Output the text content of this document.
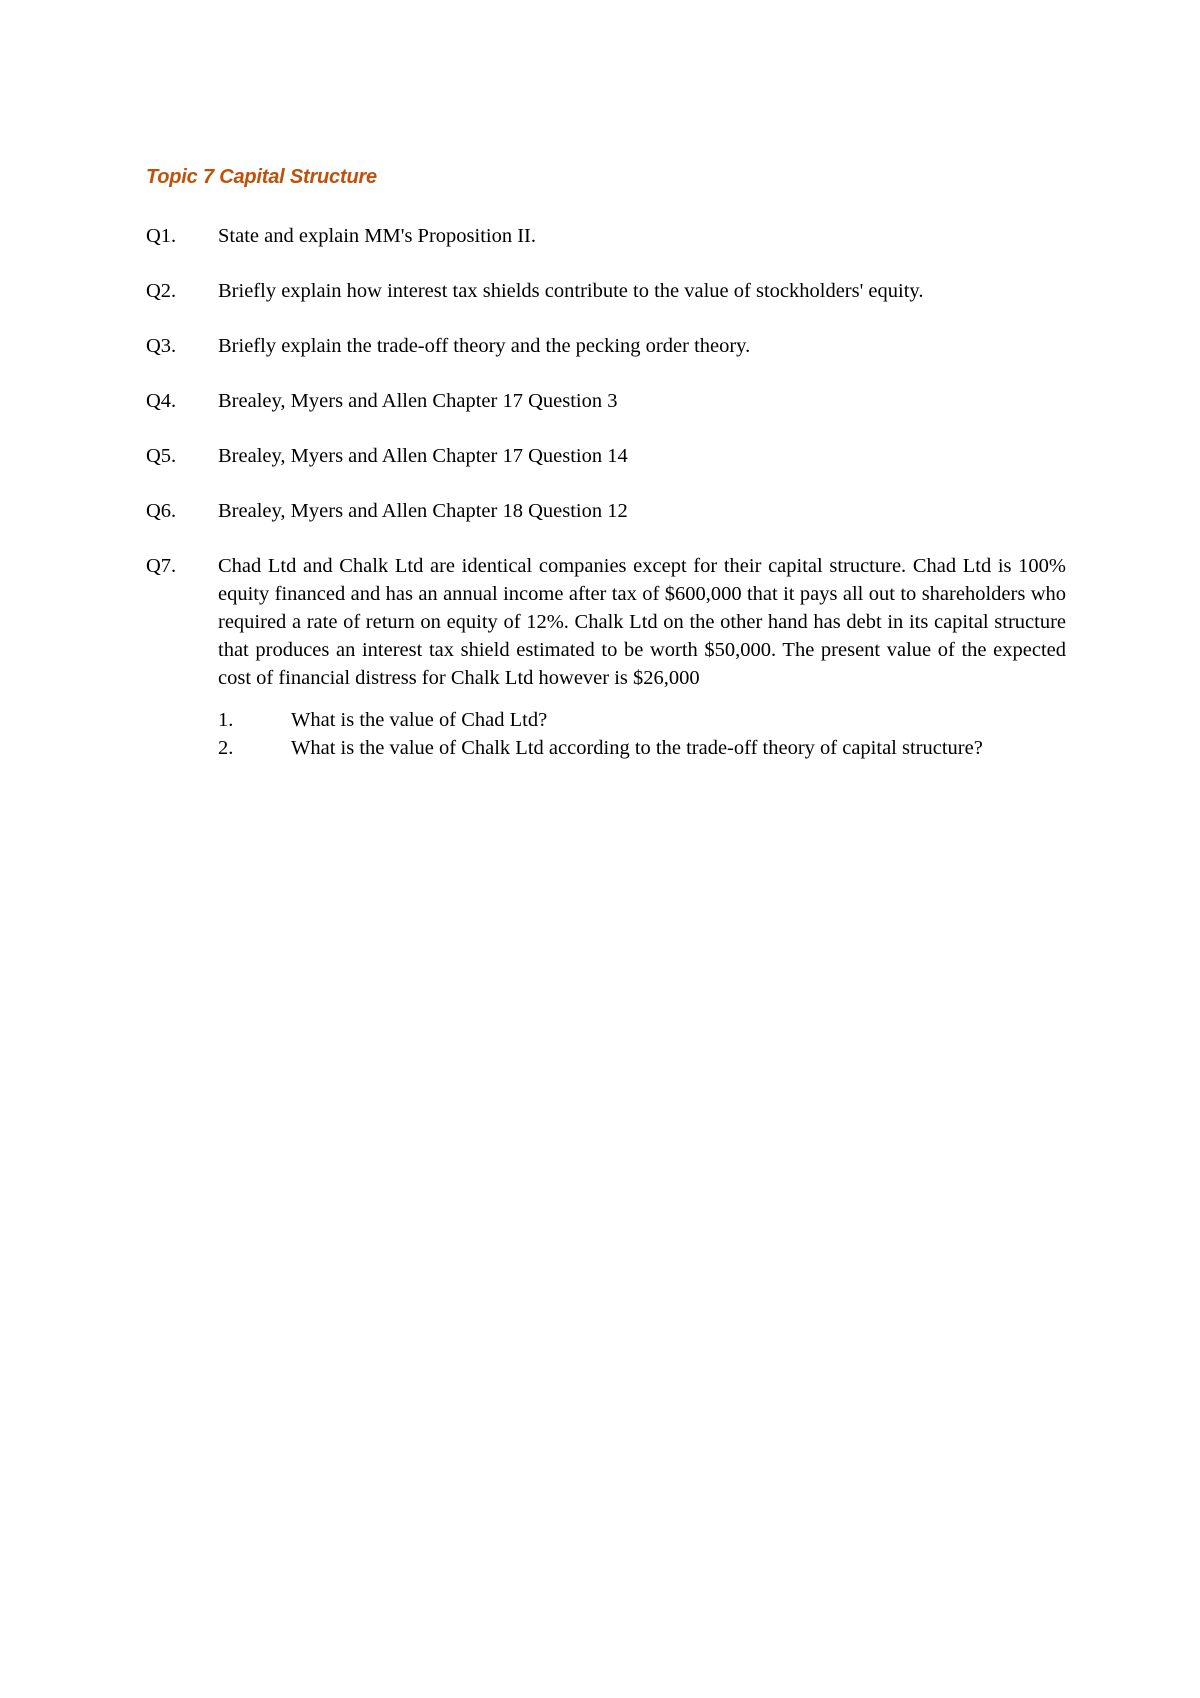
Topic 7 Capital Structure
Q1.	State and explain MM's Proposition II.
Q2.	Briefly explain how interest tax shields contribute to the value of stockholders' equity.
Q3.	Briefly explain the trade-off theory and the pecking order theory.
Q4.	Brealey, Myers and Allen Chapter 17 Question 3
Q5.	Brealey, Myers and Allen Chapter 17 Question 14
Q6.	Brealey, Myers and Allen Chapter 18 Question 12
Q7.	Chad Ltd and Chalk Ltd are identical companies except for their capital structure. Chad Ltd is 100% equity financed and has an annual income after tax of $600,000 that it pays all out to shareholders who required a rate of return on equity of 12%. Chalk Ltd on the other hand has debt in its capital structure that produces an interest tax shield estimated to be worth $50,000. The present value of the expected cost of financial distress for Chalk Ltd however is $26,000
1.	What is the value of Chad Ltd?
2.	What is the value of Chalk Ltd according to the trade-off theory of capital structure?
